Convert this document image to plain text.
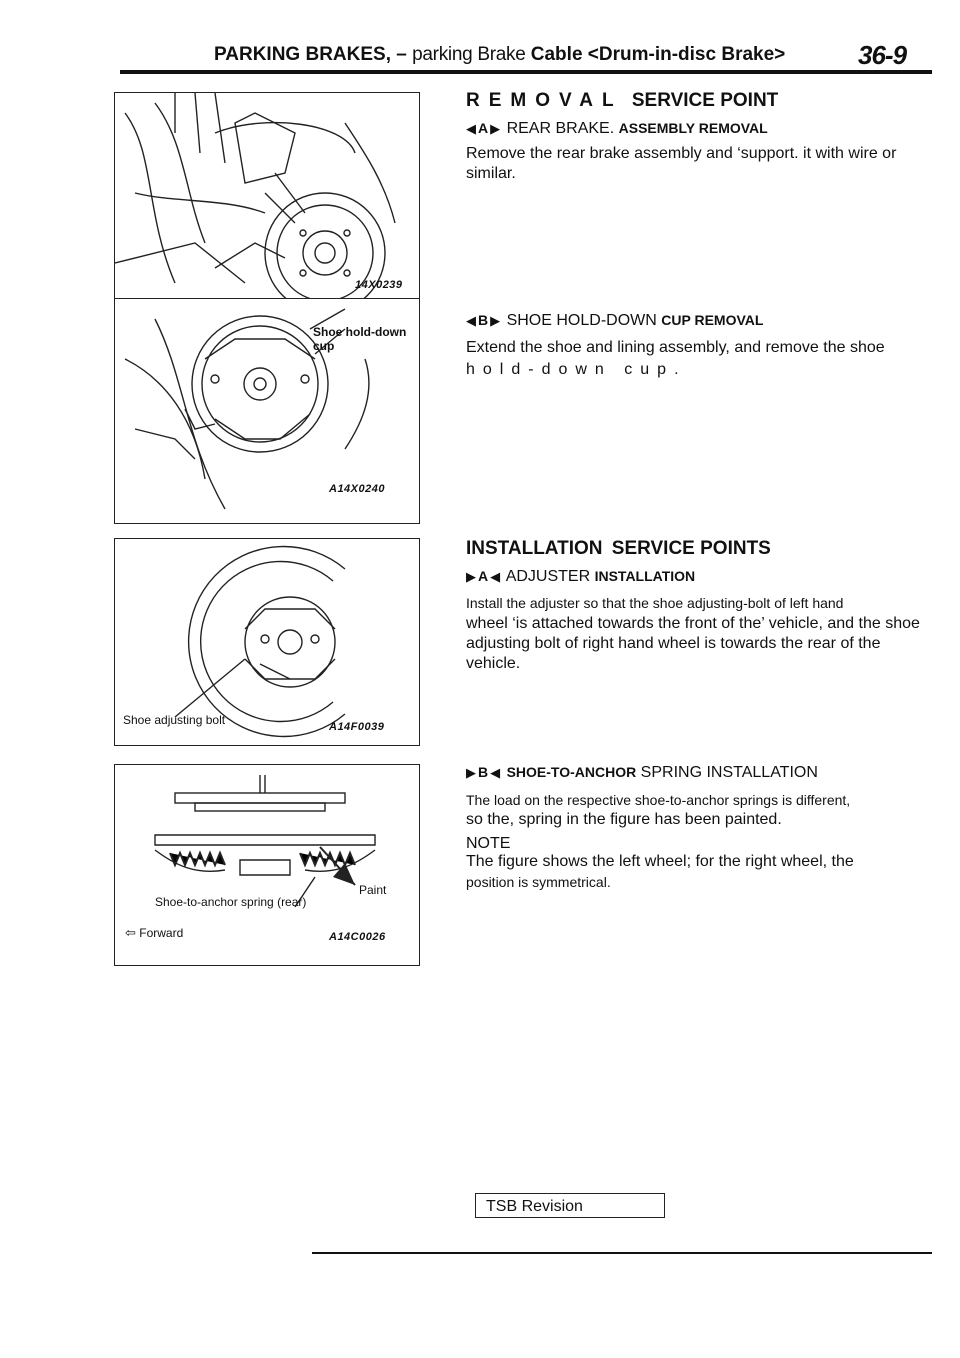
PARKING BRAKES, – parking Brake Cable <Drum-in-disc Brake>	36-9
14X0239
Shoe hold-down cup
A14X0240
Shoe adjusting bolt	A14F0039
Paint
Shoe-to-anchor spring (rear)
⇦ Forward	A14C0026
REMOVAL SERVICE POINT
◀ A ▶ REAR BRAKE. ASSEMBLY REMOVAL
Remove the rear brake assembly and ‘support. it with wire or similar.
◀ B ▶ SHOE HOLD-DOWN CUP REMOVAL
Extend the shoe and lining assembly, and remove the shoe
hold-down cup.
INSTALLATION SERVICE POINTS
▶ A ◀ ADJUSTER INSTALLATION
Install the adjuster so that the shoe adjusting-bolt of left hand
wheel ‘is attached towards the front of the’ vehicle, and the shoe adjusting bolt of right hand wheel is towards the rear of the vehicle.
▶ B ◀ SHOE-TO-ANCHOR SPRING INSTALLATION
The load on the respective shoe-to-anchor springs is different,
so the, spring in the figure has been painted.
NOTE
The figure shows the left wheel; for the right wheel, the
position is symmetrical.
TSB Revision
